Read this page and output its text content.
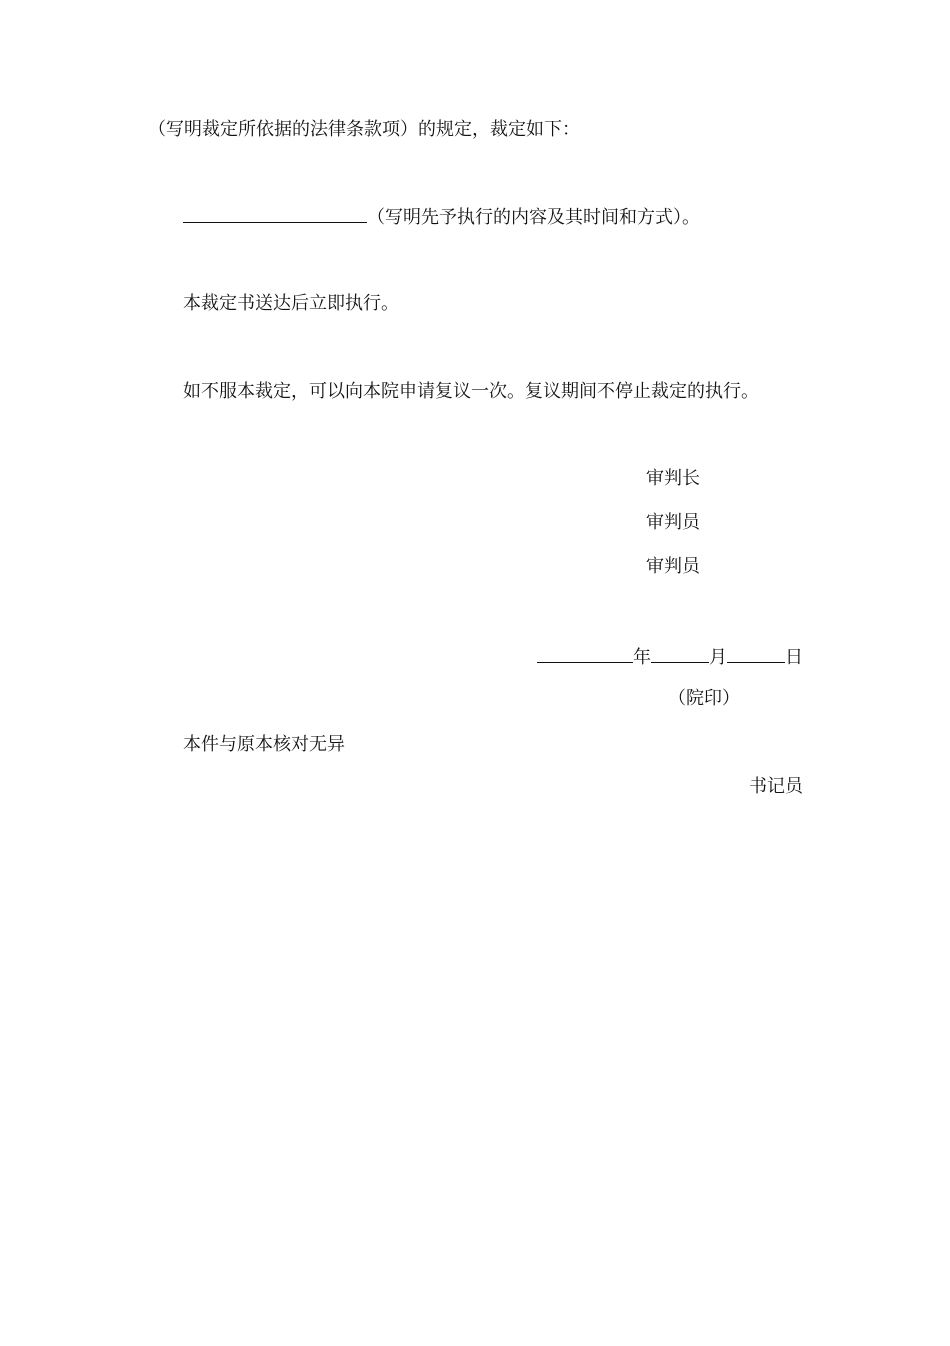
（写明裁定所依据的法律条款项）的规定，裁定如下：
（写明先予执行的内容及其时间和方式）。
本裁定书送达后立即执行。
如不服本裁定，可以向本院申请复议一次。复议期间不停止裁定的执行。
审判长
审判员
审判员
年	月	日
（院印）
本件与原本核对无异
书记员
